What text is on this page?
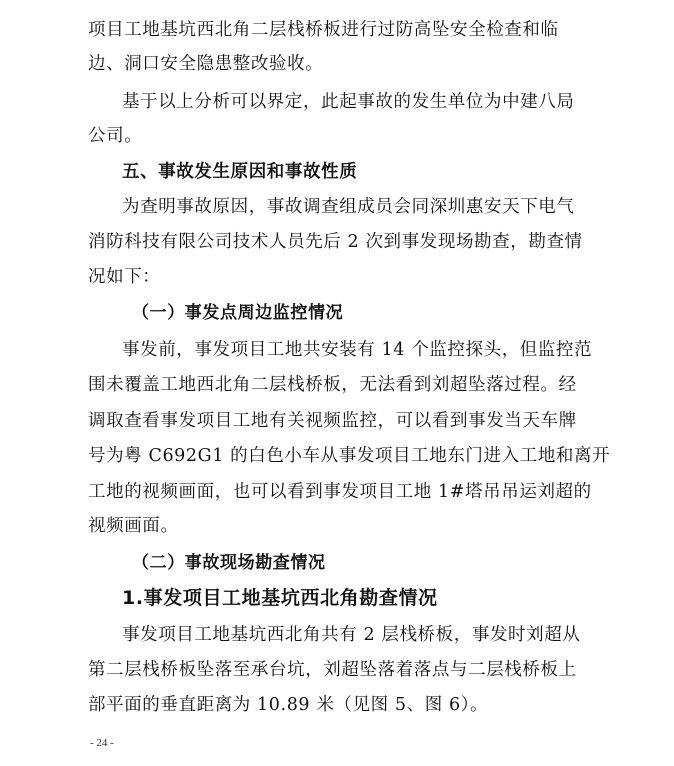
项目工地基坑西北角二层栈桥板进行过防高坠安全检查和临
边、洞口安全隐患整改验收。
基于以上分析可以界定，此起事故的发生单位为中建八局
公司。
五、事故发生原因和事故性质
为查明事故原因，事故调查组成员会同深圳惠安天下电气
消防科技有限公司技术人员先后 2 次到事发现场勘查，勘查情
况如下：
（一）事发点周边监控情况
事发前，事发项目工地共安装有 14 个监控探头，但监控范
围未覆盖工地西北角二层栈桥板，无法看到刘超坠落过程。经
调取查看事发项目工地有关视频监控，可以看到事发当天车牌
号为粤 C692G1 的白色小车从事发项目工地东门进入工地和离开
工地的视频画面，也可以看到事发项目工地 1#塔吊吊运刘超的
视频画面。
（二）事故现场勘查情况
1.事发项目工地基坑西北角勘查情况
事发项目工地基坑西北角共有 2 层栈桥板，事发时刘超从
第二层栈桥板坠落至承台坑，刘超坠落着落点与二层栈桥板上
部平面的垂直距离为 10.89 米（见图 5、图 6）。
- 24 -
